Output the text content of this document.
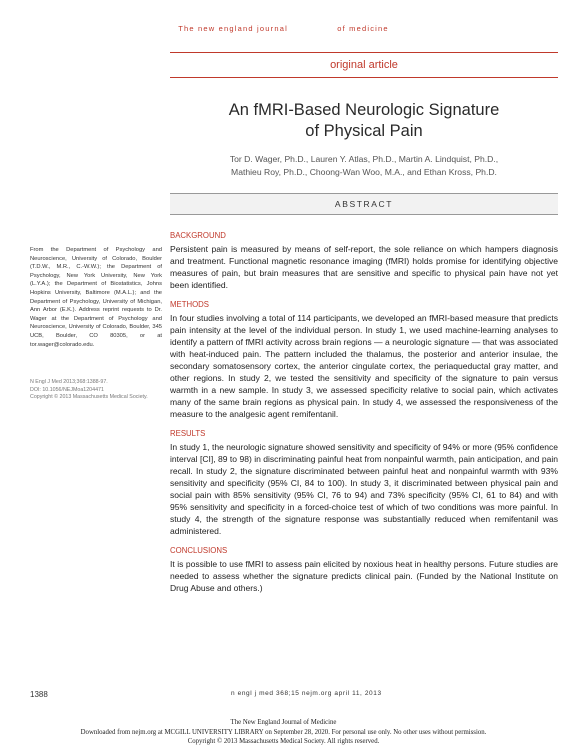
The new england journal	of medicine
original article
An fMRI-Based Neurologic Signature
of Physical Pain
Tor D. Wager, Ph.D., Lauren Y. Atlas, Ph.D., Martin A. Lindquist, Ph.D.,
Mathieu Roy, Ph.D., Choong-Wan Woo, M.A., and Ethan Kross, Ph.D.
ABSTRACT
From the Department of Psychology and Neuroscience, University of Colorado, Boulder (T.D.W., M.R., C.-W.W.); the Department of Psychology, New York University, New York (L.Y.A.); the Department of Biostatistics, Johns Hopkins University, Baltimore (M.A.L.); and the Department of Psychology, University of Michigan, Ann Arbor (E.K.). Address reprint requests to Dr. Wager at the Department of Psychology and Neuroscience, University of Colorado, Boulder, 345 UCB, Boulder, CO 80305, or at tor.wager@colorado.edu.
N Engl J Med 2013;368:1388-97.
DOI: 10.1056/NEJMoa1204471
Copyright © 2013 Massachusetts Medical Society.
BACKGROUND

Persistent pain is measured by means of self-report, the sole reliance on which hampers diagnosis and treatment. Functional magnetic resonance imaging (fMRI) holds promise for identifying objective measures of pain, but brain measures that are sensitive and specific to physical pain have not yet been identified.

METHODS

In four studies involving a total of 114 participants, we developed an fMRI-based measure that predicts pain intensity at the level of the individual person. In study 1, we used machine-learning analyses to identify a pattern of fMRI activity across brain regions — a neurologic signature — that was associated with heat-induced pain. The pattern included the thalamus, the posterior and anterior insulae, the secondary somatosensory cortex, the anterior cingulate cortex, the periaqueductal gray matter, and other regions. In study 2, we tested the sensitivity and specificity of the signature to pain versus warmth in a new sample. In study 3, we assessed specificity relative to social pain, which activates many of the same brain regions as physical pain. In study 4, we assessed the responsiveness of the measure to the analgesic agent remifentanil.

RESULTS

In study 1, the neurologic signature showed sensitivity and specificity of 94% or more (95% confidence interval [CI], 89 to 98) in discriminating painful heat from nonpainful warmth, pain anticipation, and pain recall. In study 2, the signature discriminated between painful heat and nonpainful warmth with 93% sensitivity and specificity (95% CI, 84 to 100). In study 3, it discriminated between physical pain and social pain with 85% sensitivity (95% CI, 76 to 94) and 73% specificity (95% CI, 61 to 84) and with 95% sensitivity and specificity in a forced-choice test of which of two conditions was more painful. In study 4, the strength of the signature response was substantially reduced when remifentanil was administered.

CONCLUSIONS

It is possible to use fMRI to assess pain elicited by noxious heat in healthy persons. Future studies are needed to assess whether the signature predicts clinical pain. (Funded by the National Institute on Drug Abuse and others.)

1388	n engl j med 368;15 nejm.org april 11, 2013
The New England Journal of Medicine
Downloaded from nejm.org at MCGILL UNIVERSITY LIBRARY on September 28, 2020. For personal use only. No other uses without permission.
Copyright © 2013 Massachusetts Medical Society. All rights reserved.
